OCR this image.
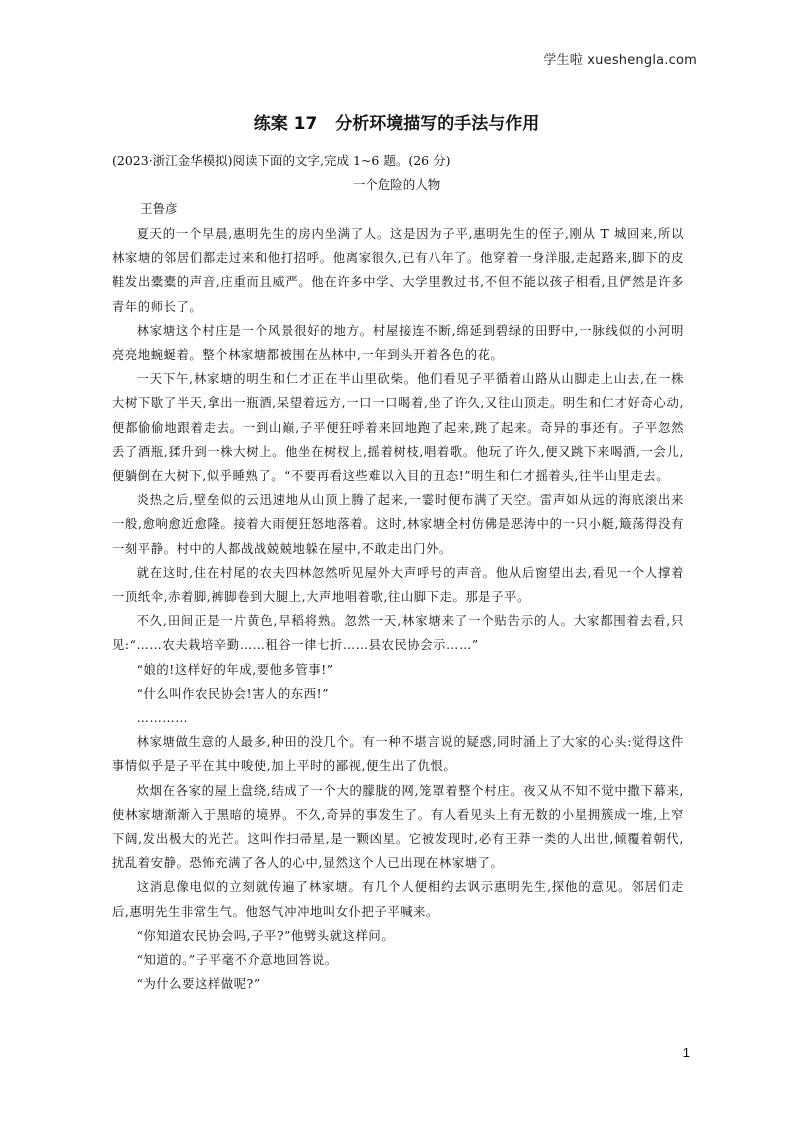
学生啦 xueshengla.com
练案 17 分析环境描写的手法与作用
(2023·浙江金华模拟)阅读下面的文字,完成 1~6 题。(26 分)
一个危险的人物
王鲁彦

夏天的一个早晨,惠明先生的房内坐满了人。这是因为子平,惠明先生的侄子,刚从 T 城回来,所以林家塘的邻居们都走过来和他打招呼。他离家很久,已有八年了。他穿着一身洋服,走起路来,脚下的皮鞋发出橐橐的声音,庄重而且威严。他在许多中学、大学里教过书,不但不能以孩子相看,且俨然是许多青年的师长了。

林家塘这个村庄是一个风景很好的地方。村屋接连不断,绵延到碧绿的田野中,一脉线似的小河明亮亮地蜿蜒着。整个林家塘都被围在丛林中,一年到头开着各色的花。

一天下午,林家塘的明生和仁才正在半山里砍柴。他们看见子平循着山路从山脚走上山去,在一株大树下歇了半天,拿出一瓶酒,呆望着远方,一口一口喝着,坐了许久,又往山顶走。明生和仁才好奇心动,便都偷偷地跟着走去。一到山巅,子平便狂呼着来回地跑了起来,跳了起来。奇异的事还有。子平忽然丢了酒瓶,猱升到一株大树上。他坐在树杈上,摇着树枝,唱着歌。他玩了许久,便又跳下来喝酒,一会儿,便躺倒在大树下,似乎睡熟了。“不要再看这些难以入目的丑态!”明生和仁才摇着头,往半山里走去。

炎热之后,壁垒似的云迅速地从山顶上腾了起来,一霎时便布满了天空。雷声如从远的海底滚出来一般,愈响愈近愈隆。接着大雨便狂怒地落着。这时,林家塘全村仿佛是恶涛中的一只小艇,簸荡得没有一刻平静。村中的人都战战兢兢地躲在屋中,不敢走出门外。

就在这时,住在村尾的农夫四林忽然听见屋外大声呼号的声音。他从后窗望出去,看见一个人撑着一顶纸伞,赤着脚,裤脚卷到大腿上,大声地唱着歌,往山脚下走。那是子平。

不久,田间正是一片黄色,早稻将熟。忽然一天,林家塘来了一个贴告示的人。大家都围着去看,只见:“……农夫栽培辛勤……租谷一律七折……县农民协会示……”

“娘的!这样好的年成,要他多管事!”

“什么叫作农民协会!害人的东西!”

…………

林家塘做生意的人最多,种田的没几个。有一种不堪言说的疑惑,同时涌上了大家的心头:觉得这件事情似乎是子平在其中唆使,加上平时的鄙视,便生出了仇恨。

炊烟在各家的屋上盘绕,结成了一个大的朦胧的网,笼罩着整个村庄。夜又从不知不觉中撒下幕来,使林家塘渐渐入于黑暗的境界。不久,奇异的事发生了。有人看见头上有无数的小星拥簇成一堆,上窄下阔,发出极大的光芒。这叫作扫帚星,是一颗凶星。它被发现时,必有王莽一类的人出世,倾覆着朝代,扰乱着安静。恐怖充满了各人的心中,显然这个人已出现在林家塘了。

这消息像电似的立刻就传遍了林家塘。有几个人便相约去讽示惠明先生,探他的意见。邻居们走后,惠明先生非常生气。他怒气冲冲地叫女仆把子平喊来。

“你知道农民协会吗,子平?”他劈头就这样问。

“知道的。”子平毫不介意地回答说。

“为什么要这样做呢?”

1
